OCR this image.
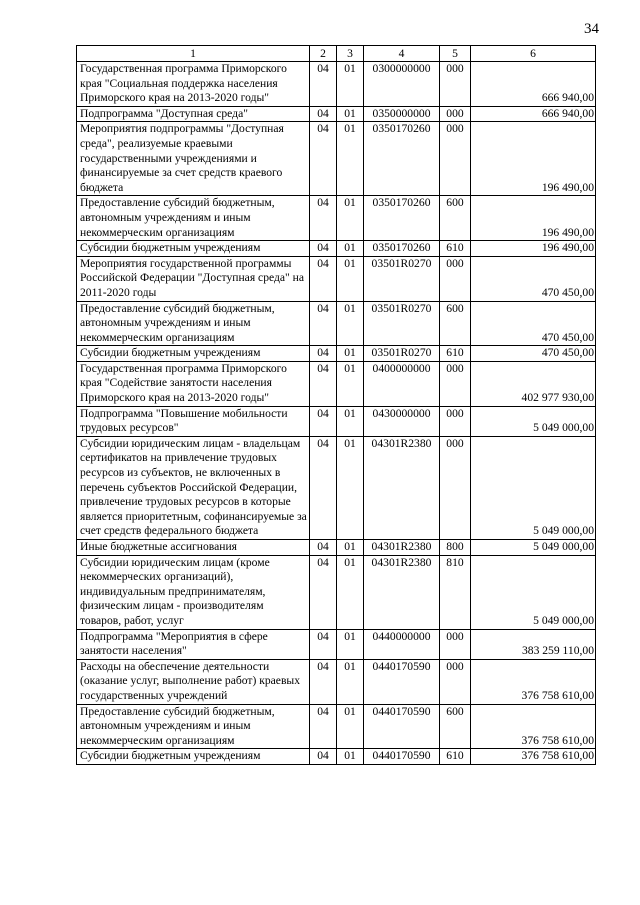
34
1	2	3	4	5	6
Государственная программа Приморского края "Социальная поддержка населения Приморского края на 2013-2020 годы"	04	01	0300000000	000	666 940,00
Подпрограмма "Доступная среда"	04	01	0350000000	000	666 940,00
Мероприятия подпрограммы "Доступная среда", реализуемые краевыми государственными учреждениями и финансируемые за счет средств краевого бюджета	04	01	0350170260	000	196 490,00
Предоставление субсидий бюджетным, автономным учреждениям и иным некоммерческим организациям	04	01	0350170260	600	196 490,00
Субсидии бюджетным учреждениям	04	01	0350170260	610	196 490,00
Мероприятия государственной программы Российской Федерации "Доступная среда" на 2011-2020 годы	04	01	03501R0270	000	470 450,00
Предоставление субсидий бюджетным, автономным учреждениям и иным некоммерческим организациям	04	01	03501R0270	600	470 450,00
Субсидии бюджетным учреждениям	04	01	03501R0270	610	470 450,00
Государственная программа Приморского края "Содействие занятости населения Приморского края на 2013-2020 годы"	04	01	0400000000	000	402 977 930,00
Подпрограмма "Повышение мобильности трудовых ресурсов"	04	01	0430000000	000	5 049 000,00
Субсидии юридическим лицам - владельцам сертификатов на привлечение трудовых ресурсов из субъектов, не включенных в перечень субъектов Российской Федерации, привлечение трудовых ресурсов в которые является приоритетным, софинансируемые за счет средств федерального бюджета	04	01	04301R2380	000	5 049 000,00
Иные бюджетные ассигнования	04	01	04301R2380	800	5 049 000,00
Субсидии юридическим лицам (кроме некоммерческих организаций), индивидуальным предпринимателям, физическим лицам - производителям товаров, работ, услуг	04	01	04301R2380	810	5 049 000,00
Подпрограмма "Мероприятия в сфере занятости населения"	04	01	0440000000	000	383 259 110,00
Расходы на обеспечение деятельности (оказание услуг, выполнение работ) краевых государственных учреждений	04	01	0440170590	000	376 758 610,00
Предоставление субсидий бюджетным, автономным учреждениям и иным некоммерческим организациям	04	01	0440170590	600	376 758 610,00
Субсидии бюджетным учреждениям	04	01	0440170590	610	376 758 610,00
